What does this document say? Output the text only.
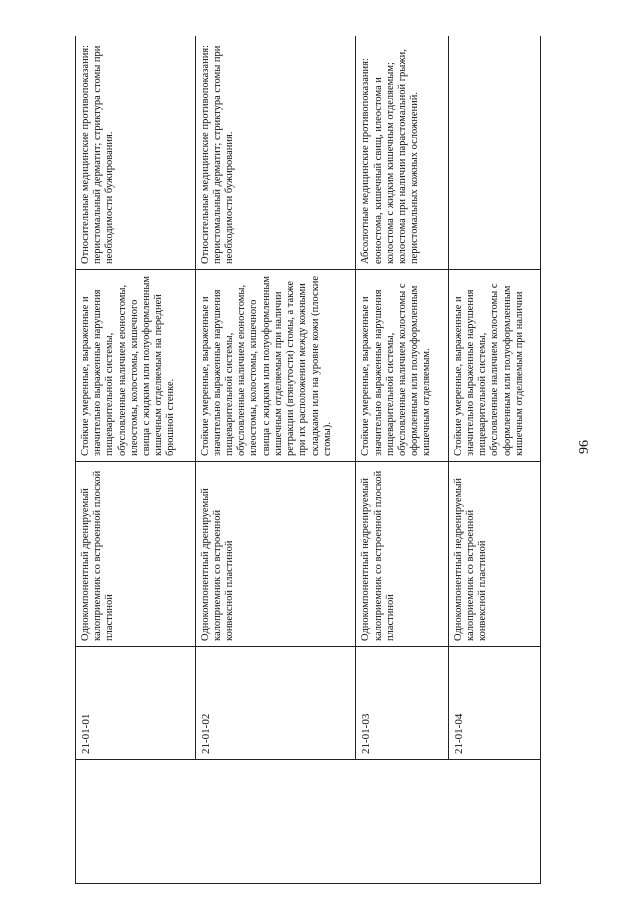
96
	21-01-01	Однокомпонентный дренируемый калоприемник со встроенной плоской пластиной	Стойкие умеренные, выраженные и значительно выраженные нарушения пищеварительной системы, обусловленные наличием еюностомы, илеостомы, колостомы, кишечного свища с жидким или полуоформленным кишечным отделяемым на передней брюшной стенке.	Относительные медицинские противопоказания: перистомальный дерматит; стриктура стомы при необходимости бужирования.
	21-01-02	Однокомпонентный дренируемый калоприемник со встроенной конвексной пластиной	Стойкие умеренные, выраженные и значительно выраженные нарушения пищеварительной системы, обусловленные наличием еюностомы, илеостомы, колостомы, кишечного свища с жидким или полуоформленным кишечным отделяемым при наличии ретракции (втянутости) стомы, а также при их расположении между кожными складками или на уровне кожи (плоские стомы).	Относительные медицинские противопоказания: перистомальный дерматит; стриктура стомы при необходимости бужирования.
	21-01-03	Однокомпонентный недренируемый калоприемник со встроенной плоской пластиной	Стойкие умеренные, выраженные и значительно выраженные нарушения пищеварительной системы, обусловленные наличием колостомы с оформленным или полуоформленным кишечным отделяемым.	Абсолютные медицинские противопоказания: еюностома, кишечный свищ, илеостома и колостома с жидким кишечным отделяемым; колостома при наличии парастомальной грыжи, перистомальных кожных осложнений.
	21-01-04	Однокомпонентный недренируемый калоприемник со встроенной конвексной пластиной	Стойкие умеренные, выраженные и значительно выраженные нарушения пищеварительной системы, обусловленные наличием колостомы с оформленным или полуоформленным кишечным отделяемым при наличии	
